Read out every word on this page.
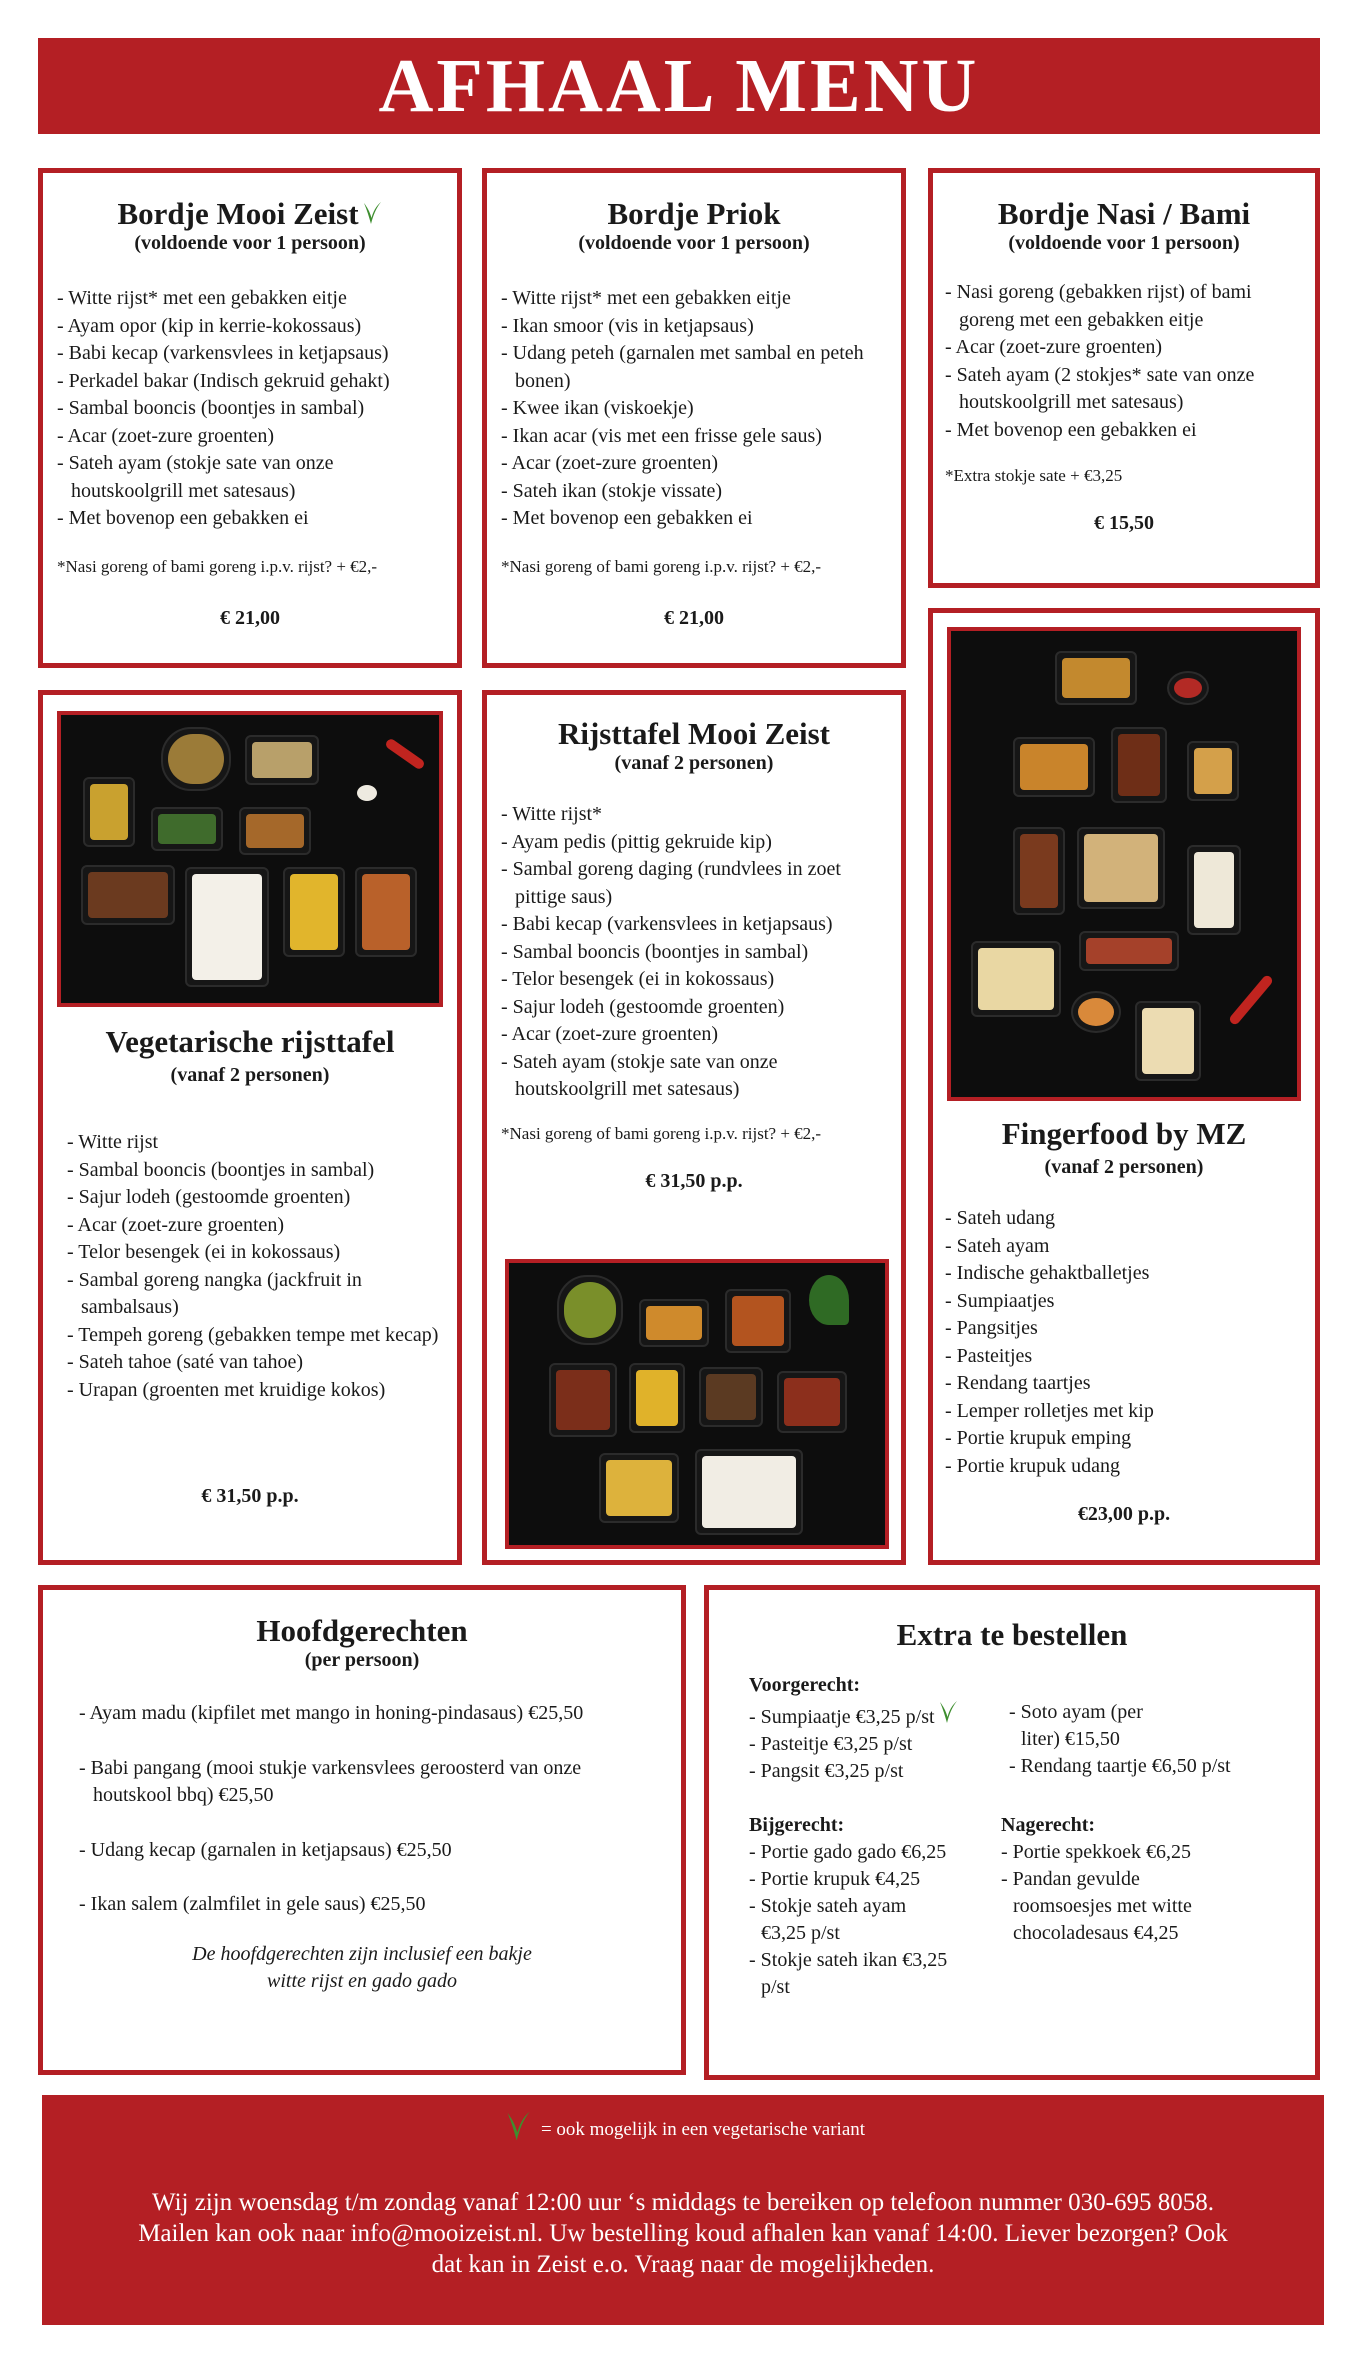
AFHAAL MENU
Bordje Mooi Zeist
(voldoende voor 1 persoon)
- Witte rijst* met een gebakken eitje
- Ayam opor (kip in kerrie-kokossaus)
- Babi kecap (varkensvlees in ketjapsaus)
- Perkadel bakar (Indisch gekruid gehakt)
- Sambal booncis (boontjes in sambal)
- Acar (zoet-zure groenten)
- Sateh ayam (stokje sate van onze houtskoolgrill met satesaus)
- Met bovenop een gebakken ei
*Nasi goreng of bami goreng i.p.v. rijst? + €2,-
€ 21,00
Bordje Priok
(voldoende voor 1 persoon)
- Witte rijst* met een gebakken eitje
- Ikan smoor (vis in ketjapsaus)
- Udang peteh (garnalen met sambal en peteh bonen)
- Kwee ikan (viskoekje)
- Ikan acar (vis met een frisse gele saus)
- Acar (zoet-zure groenten)
- Sateh ikan (stokje vissate)
- Met bovenop een gebakken ei
*Nasi goreng of bami goreng i.p.v. rijst? + €2,-
€ 21,00
Bordje Nasi / Bami
(voldoende voor 1 persoon)
- Nasi goreng (gebakken rijst) of bami goreng met een gebakken eitje
- Acar (zoet-zure groenten)
- Sateh ayam (2 stokjes* sate van onze houtskoolgrill met satesaus)
- Met bovenop een gebakken ei
*Extra stokje sate + €3,25
€ 15,50
Vegetarische rijsttafel
(vanaf 2 personen)
- Witte rijst
- Sambal booncis (boontjes in sambal)
- Sajur lodeh (gestoomde groenten)
- Acar (zoet-zure groenten)
- Telor besengek (ei in kokossaus)
- Sambal goreng nangka (jackfruit in sambalsaus)
- Tempeh goreng (gebakken tempe met kecap)
- Sateh tahoe (saté van tahoe)
- Urapan (groenten met kruidige kokos)
€ 31,50 p.p.
Rijsttafel Mooi Zeist
(vanaf 2 personen)
- Witte rijst*
- Ayam pedis (pittig gekruide kip)
- Sambal goreng daging (rundvlees in zoet pittige saus)
- Babi kecap (varkensvlees in ketjapsaus)
- Sambal booncis (boontjes in sambal)
- Telor besengek (ei in kokossaus)
- Sajur lodeh (gestoomde groenten)
- Acar (zoet-zure groenten)
- Sateh ayam (stokje sate van onze houtskoolgrill met satesaus)
*Nasi goreng of bami goreng i.p.v. rijst? + €2,-
€ 31,50 p.p.
Fingerfood by MZ
(vanaf 2 personen)
- Sateh udang
- Sateh ayam
- Indische gehaktballetjes
- Sumpiaatjes
- Pangsitjes
- Pasteitjes
- Rendang taartjes
- Lemper rolletjes met kip
- Portie krupuk emping
- Portie krupuk udang
€23,00 p.p.
Hoofdgerechten
(per persoon)
- Ayam madu (kipfilet met mango in honing-pindasaus) €25,50
- Babi pangang (mooi stukje varkensvlees geroosterd van onze houtskool bbq) €25,50
- Udang kecap (garnalen in ketjapsaus) €25,50
- Ikan salem (zalmfilet in gele saus) €25,50
De hoofdgerechten zijn inclusief een bakje witte rijst en gado gado
Extra te bestellen
Voorgerecht:
- Sumpiaatje €3,25 p/st
- Pasteitje €3,25 p/st
- Pangsit €3,25 p/st
- Soto ayam (per liter) €15,50
- Rendang taartje €6,50 p/st
Bijgerecht:
- Portie gado gado €6,25
- Portie krupuk €4,25
- Stokje sateh ayam €3,25 p/st
- Stokje sateh ikan €3,25 p/st
Nagerecht:
- Portie spekkoek €6,25
- Pandan gevulde roomsoesjes met witte chocoladesaus €4,25
= ook mogelijk in een vegetarische variant
Wij zijn woensdag t/m zondag vanaf 12:00 uur ‘s middags te bereiken op telefoon nummer 030-695 8058. Mailen kan ook naar info@mooizeist.nl. Uw bestelling koud afhalen kan vanaf 14:00. Liever bezorgen? Ook dat kan in Zeist e.o. Vraag naar de mogelijkheden.
